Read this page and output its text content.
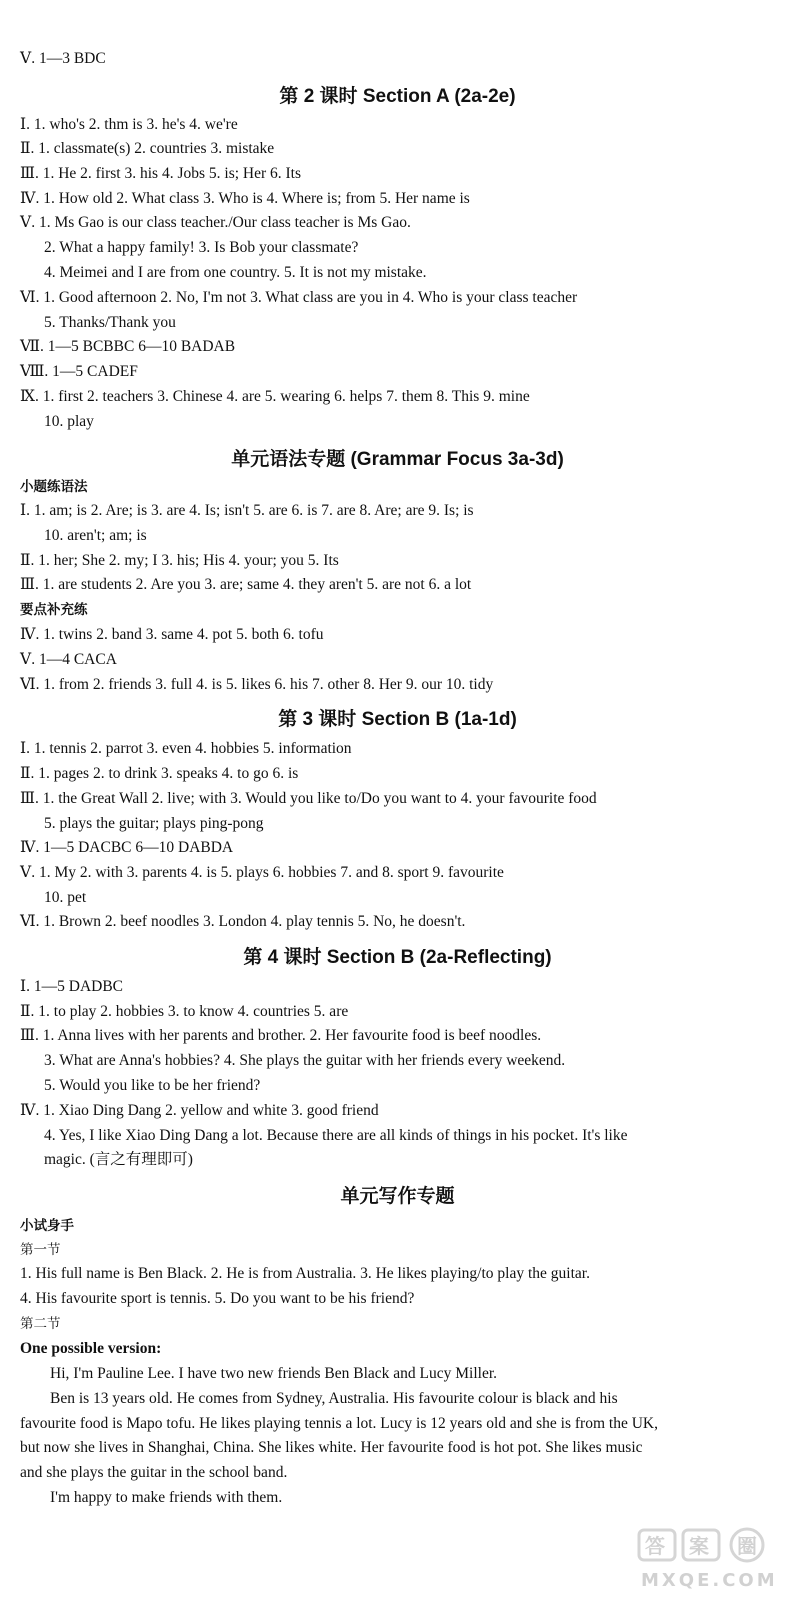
Ⅴ. 1—3 BDC
第 2 课时 Section A (2a-2e)
Ⅰ. 1. who's 2. thm is 3. he's 4. we're
Ⅱ. 1. classmate(s) 2. countries 3. mistake
Ⅲ. 1. He 2. first 3. his 4. Jobs 5. is; Her 6. Its
Ⅳ. 1. How old 2. What class 3. Who is 4. Where is; from 5. Her name is
Ⅴ. 1. Ms Gao is our class teacher./Our class teacher is Ms Gao.
2. What a happy family! 3. Is Bob your classmate?
4. Meimei and I are from one country. 5. It is not my mistake.
Ⅵ. 1. Good afternoon 2. No, I'm not 3. What class are you in 4. Who is your class teacher
5. Thanks/Thank you
Ⅶ. 1—5 BCBBC 6—10 BADAB
Ⅷ. 1—5 CADEF
Ⅸ. 1. first 2. teachers 3. Chinese 4. are 5. wearing 6. helps 7. them 8. This 9. mine
10. play
单元语法专题 (Grammar Focus 3a-3d)
小题练语法
Ⅰ. 1. am; is 2. Are; is 3. are 4. Is; isn't 5. are 6. is 7. are 8. Are; are 9. Is; is
10. aren't; am; is
Ⅱ. 1. her; She 2. my; I 3. his; His 4. your; you 5. Its
Ⅲ. 1. are students 2. Are you 3. are; same 4. they aren't 5. are not 6. a lot
要点补充练
Ⅳ. 1. twins 2. band 3. same 4. pot 5. both 6. tofu
Ⅴ. 1—4 CACA
Ⅵ. 1. from 2. friends 3. full 4. is 5. likes 6. his 7. other 8. Her 9. our 10. tidy
第 3 课时 Section B (1a-1d)
Ⅰ. 1. tennis 2. parrot 3. even 4. hobbies 5. information
Ⅱ. 1. pages 2. to drink 3. speaks 4. to go 6. is
Ⅲ. 1. the Great Wall 2. live; with 3. Would you like to/Do you want to 4. your favourite food
5. plays the guitar; plays ping-pong
Ⅳ. 1—5 DACBC 6—10 DABDA
Ⅴ. 1. My 2. with 3. parents 4. is 5. plays 6. hobbies 7. and 8. sport 9. favourite
10. pet
Ⅵ. 1. Brown 2. beef noodles 3. London 4. play tennis 5. No, he doesn't.
第 4 课时 Section B (2a-Reflecting)
Ⅰ. 1—5 DADBC
Ⅱ. 1. to play 2. hobbies 3. to know 4. countries 5. are
Ⅲ. 1. Anna lives with her parents and brother. 2. Her favourite food is beef noodles.
3. What are Anna's hobbies? 4. She plays the guitar with her friends every weekend.
5. Would you like to be her friend?
Ⅳ. 1. Xiao Ding Dang 2. yellow and white 3. good friend
4. Yes, I like Xiao Ding Dang a lot. Because there are all kinds of things in his pocket. It's like
magic. (言之有理即可)
单元写作专题
小试身手
第一节
1. His full name is Ben Black. 2. He is from Australia. 3. He likes playing/to play the guitar.
4. His favourite sport is tennis. 5. Do you want to be his friend?
第二节
One possible version:
Hi, I'm Pauline Lee. I have two new friends Ben Black and Lucy Miller.
Ben is 13 years old. He comes from Sydney, Australia. His favourite colour is black and his
favourite food is Mapo tofu. He likes playing tennis a lot. Lucy is 12 years old and she is from the UK,
but now she lives in Shanghai, China. She likes white. Her favourite food is hot pot. She likes music
and she plays the guitar in the school band.
I'm happy to make friends with them.
答 案 圈
MXQE.COM
